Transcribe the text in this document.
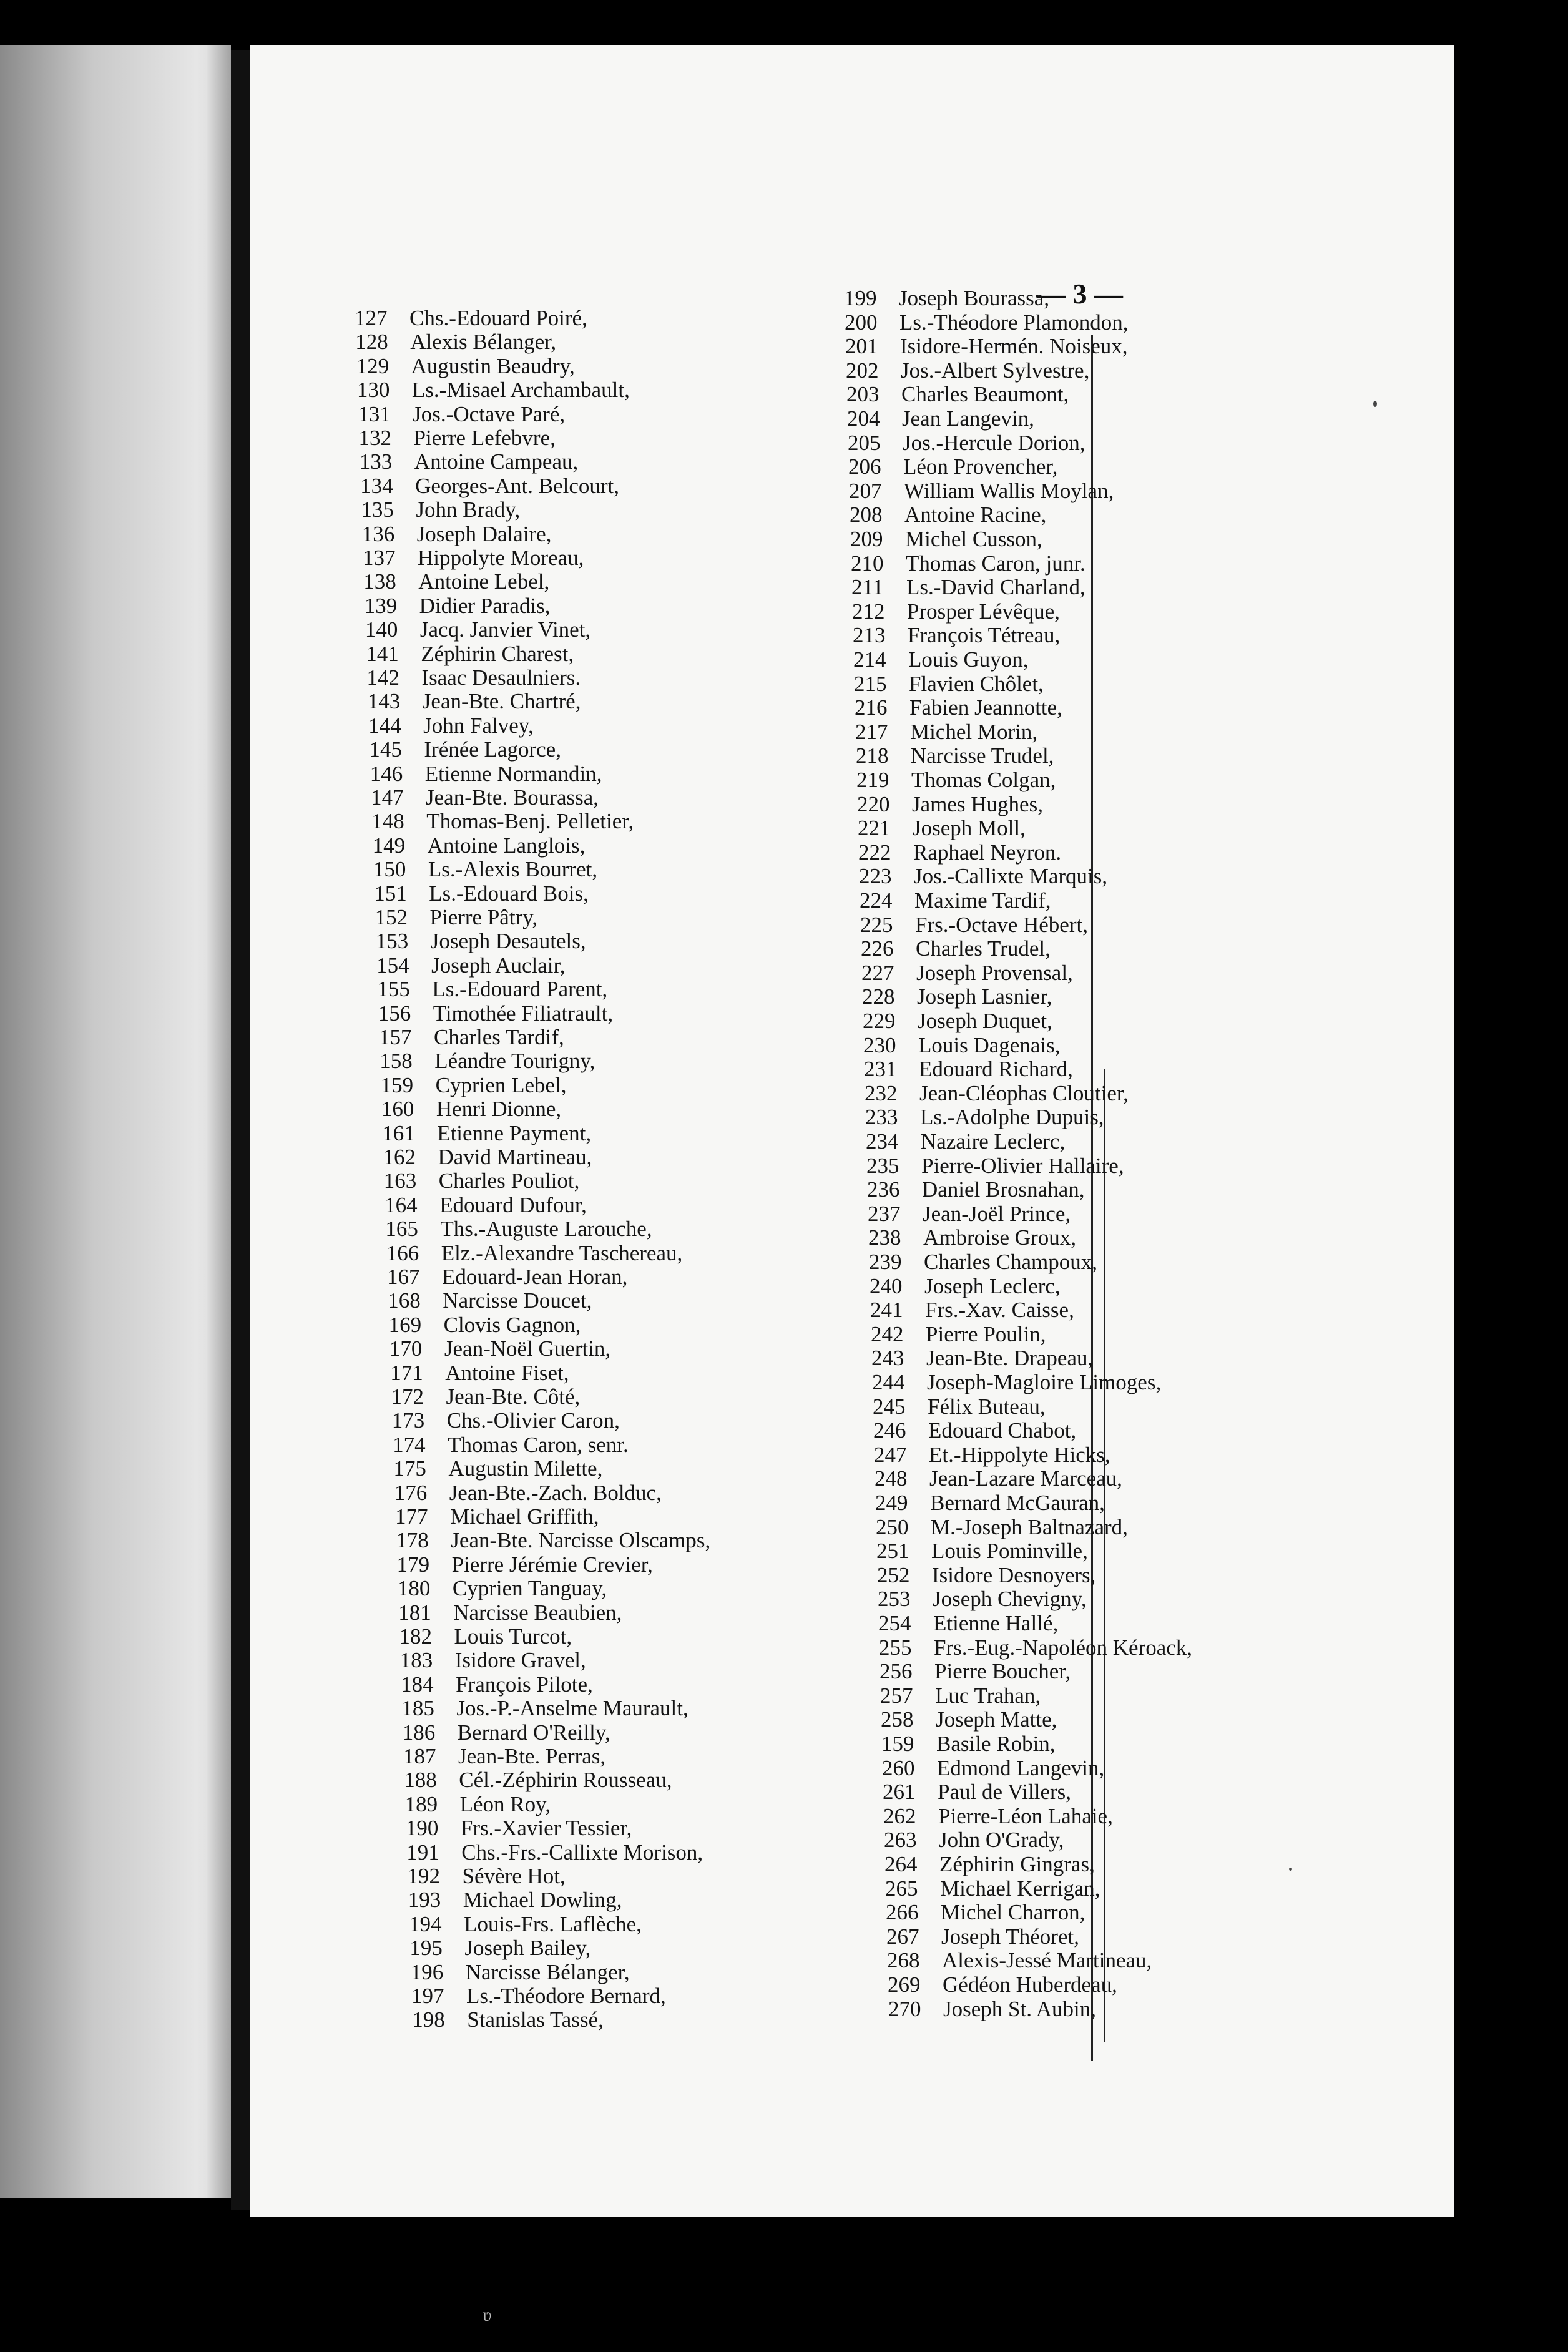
— 3 —
127 Chs.-Edouard Poiré,
128 Alexis Bélanger,
129 Augustin Beaudry,
130 Ls.-Misael Archambault,
131 Jos.-Octave Paré,
132 Pierre Lefebvre,
133 Antoine Campeau,
134 Georges-Ant. Belcourt,
135 John Brady,
136 Joseph Dalaire,
137 Hippolyte Moreau,
138 Antoine Lebel,
139 Didier Paradis,
140 Jacq. Janvier Vinet,
141 Zéphirin Charest,
142 Isaac Desaulniers.
143 Jean-Bte. Chartré,
144 John Falvey,
145 Irénée Lagorce,
146 Etienne Normandin,
147 Jean-Bte. Bourassa,
148 Thomas-Benj. Pelletier,
149 Antoine Langlois,
150 Ls.-Alexis Bourret,
151 Ls.-Edouard Bois,
152 Pierre Pâtry,
153 Joseph Desautels,
154 Joseph Auclair,
155 Ls.-Edouard Parent,
156 Timothée Filiatrault,
157 Charles Tardif,
158 Léandre Tourigny,
159 Cyprien Lebel,
160 Henri Dionne,
161 Etienne Payment,
162 David Martineau,
163 Charles Pouliot,
164 Edouard Dufour,
165 Ths.-Auguste Larouche,
166 Elz.-Alexandre Taschereau,
167 Edouard-Jean Horan,
168 Narcisse Doucet,
169 Clovis Gagnon,
170 Jean-Noël Guertin,
171 Antoine Fiset,
172 Jean-Bte. Côté,
173 Chs.-Olivier Caron,
174 Thomas Caron, senr.
175 Augustin Milette,
176 Jean-Bte.-Zach. Bolduc,
177 Michael Griffith,
178 Jean-Bte. Narcisse Olscamps,
179 Pierre Jérémie Crevier,
180 Cyprien Tanguay,
181 Narcisse Beaubien,
182 Louis Turcot,
183 Isidore Gravel,
184 François Pilote,
185 Jos.-P.-Anselme Maurault,
186 Bernard O'Reilly,
187 Jean-Bte. Perras,
188 Cél.-Zéphirin Rousseau,
189 Léon Roy,
190 Frs.-Xavier Tessier,
191 Chs.-Frs.-Callixte Morison,
192 Sévère Hot,
193 Michael Dowling,
194 Louis-Frs. Laflèche,
195 Joseph Bailey,
196 Narcisse Bélanger,
197 Ls.-Théodore Bernard,
198 Stanislas Tassé,
199 Joseph Bourassa,
200 Ls.-Théodore Plamondon,
201 Isidore-Hermén. Noiseux,
202 Jos.-Albert Sylvestre,
203 Charles Beaumont,
204 Jean Langevin,
205 Jos.-Hercule Dorion,
206 Léon Provencher,
207 William Wallis Moylan,
208 Antoine Racine,
209 Michel Cusson,
210 Thomas Caron, junr.
211 Ls.-David Charland,
212 Prosper Lévêque,
213 François Tétreau,
214 Louis Guyon,
215 Flavien Chôlet,
216 Fabien Jeannotte,
217 Michel Morin,
218 Narcisse Trudel,
219 Thomas Colgan,
220 James Hughes,
221 Joseph Moll,
222 Raphael Neyron.
223 Jos.-Callixte Marquis,
224 Maxime Tardif,
225 Frs.-Octave Hébert,
226 Charles Trudel,
227 Joseph Provensal,
228 Joseph Lasnier,
229 Joseph Duquet,
230 Louis Dagenais,
231 Edouard Richard,
232 Jean-Cléophas Cloutier,
233 Ls.-Adolphe Dupuis,
234 Nazaire Leclerc,
235 Pierre-Olivier Hallaire,
236 Daniel Brosnahan,
237 Jean-Joël Prince,
238 Ambroise Groux,
239 Charles Champoux,
240 Joseph Leclerc,
241 Frs.-Xav. Caisse,
242 Pierre Poulin,
243 Jean-Bte. Drapeau,
244 Joseph-Magloire Limoges,
245 Félix Buteau,
246 Edouard Chabot,
247 Et.-Hippolyte Hicks,
248 Jean-Lazare Marceau,
249 Bernard McGauran,
250 M.-Joseph Baltnazard,
251 Louis Pominville,
252 Isidore Desnoyers,
253 Joseph Chevigny,
254 Etienne Hallé,
255 Frs.-Eug.-Napoléon Kéroack,
256 Pierre Boucher,
257 Luc Trahan,
258 Joseph Matte,
159 Basile Robin,
260 Edmond Langevin,
261 Paul de Villers,
262 Pierre-Léon Lahaie,
263 John O'Grady,
264 Zéphirin Gingras,
265 Michael Kerrigan,
266 Michel Charron,
267 Joseph Théoret,
268 Alexis-Jessé Martineau,
269 Gédéon Huberdeau,
270 Joseph St. Aubin,
ʋ
